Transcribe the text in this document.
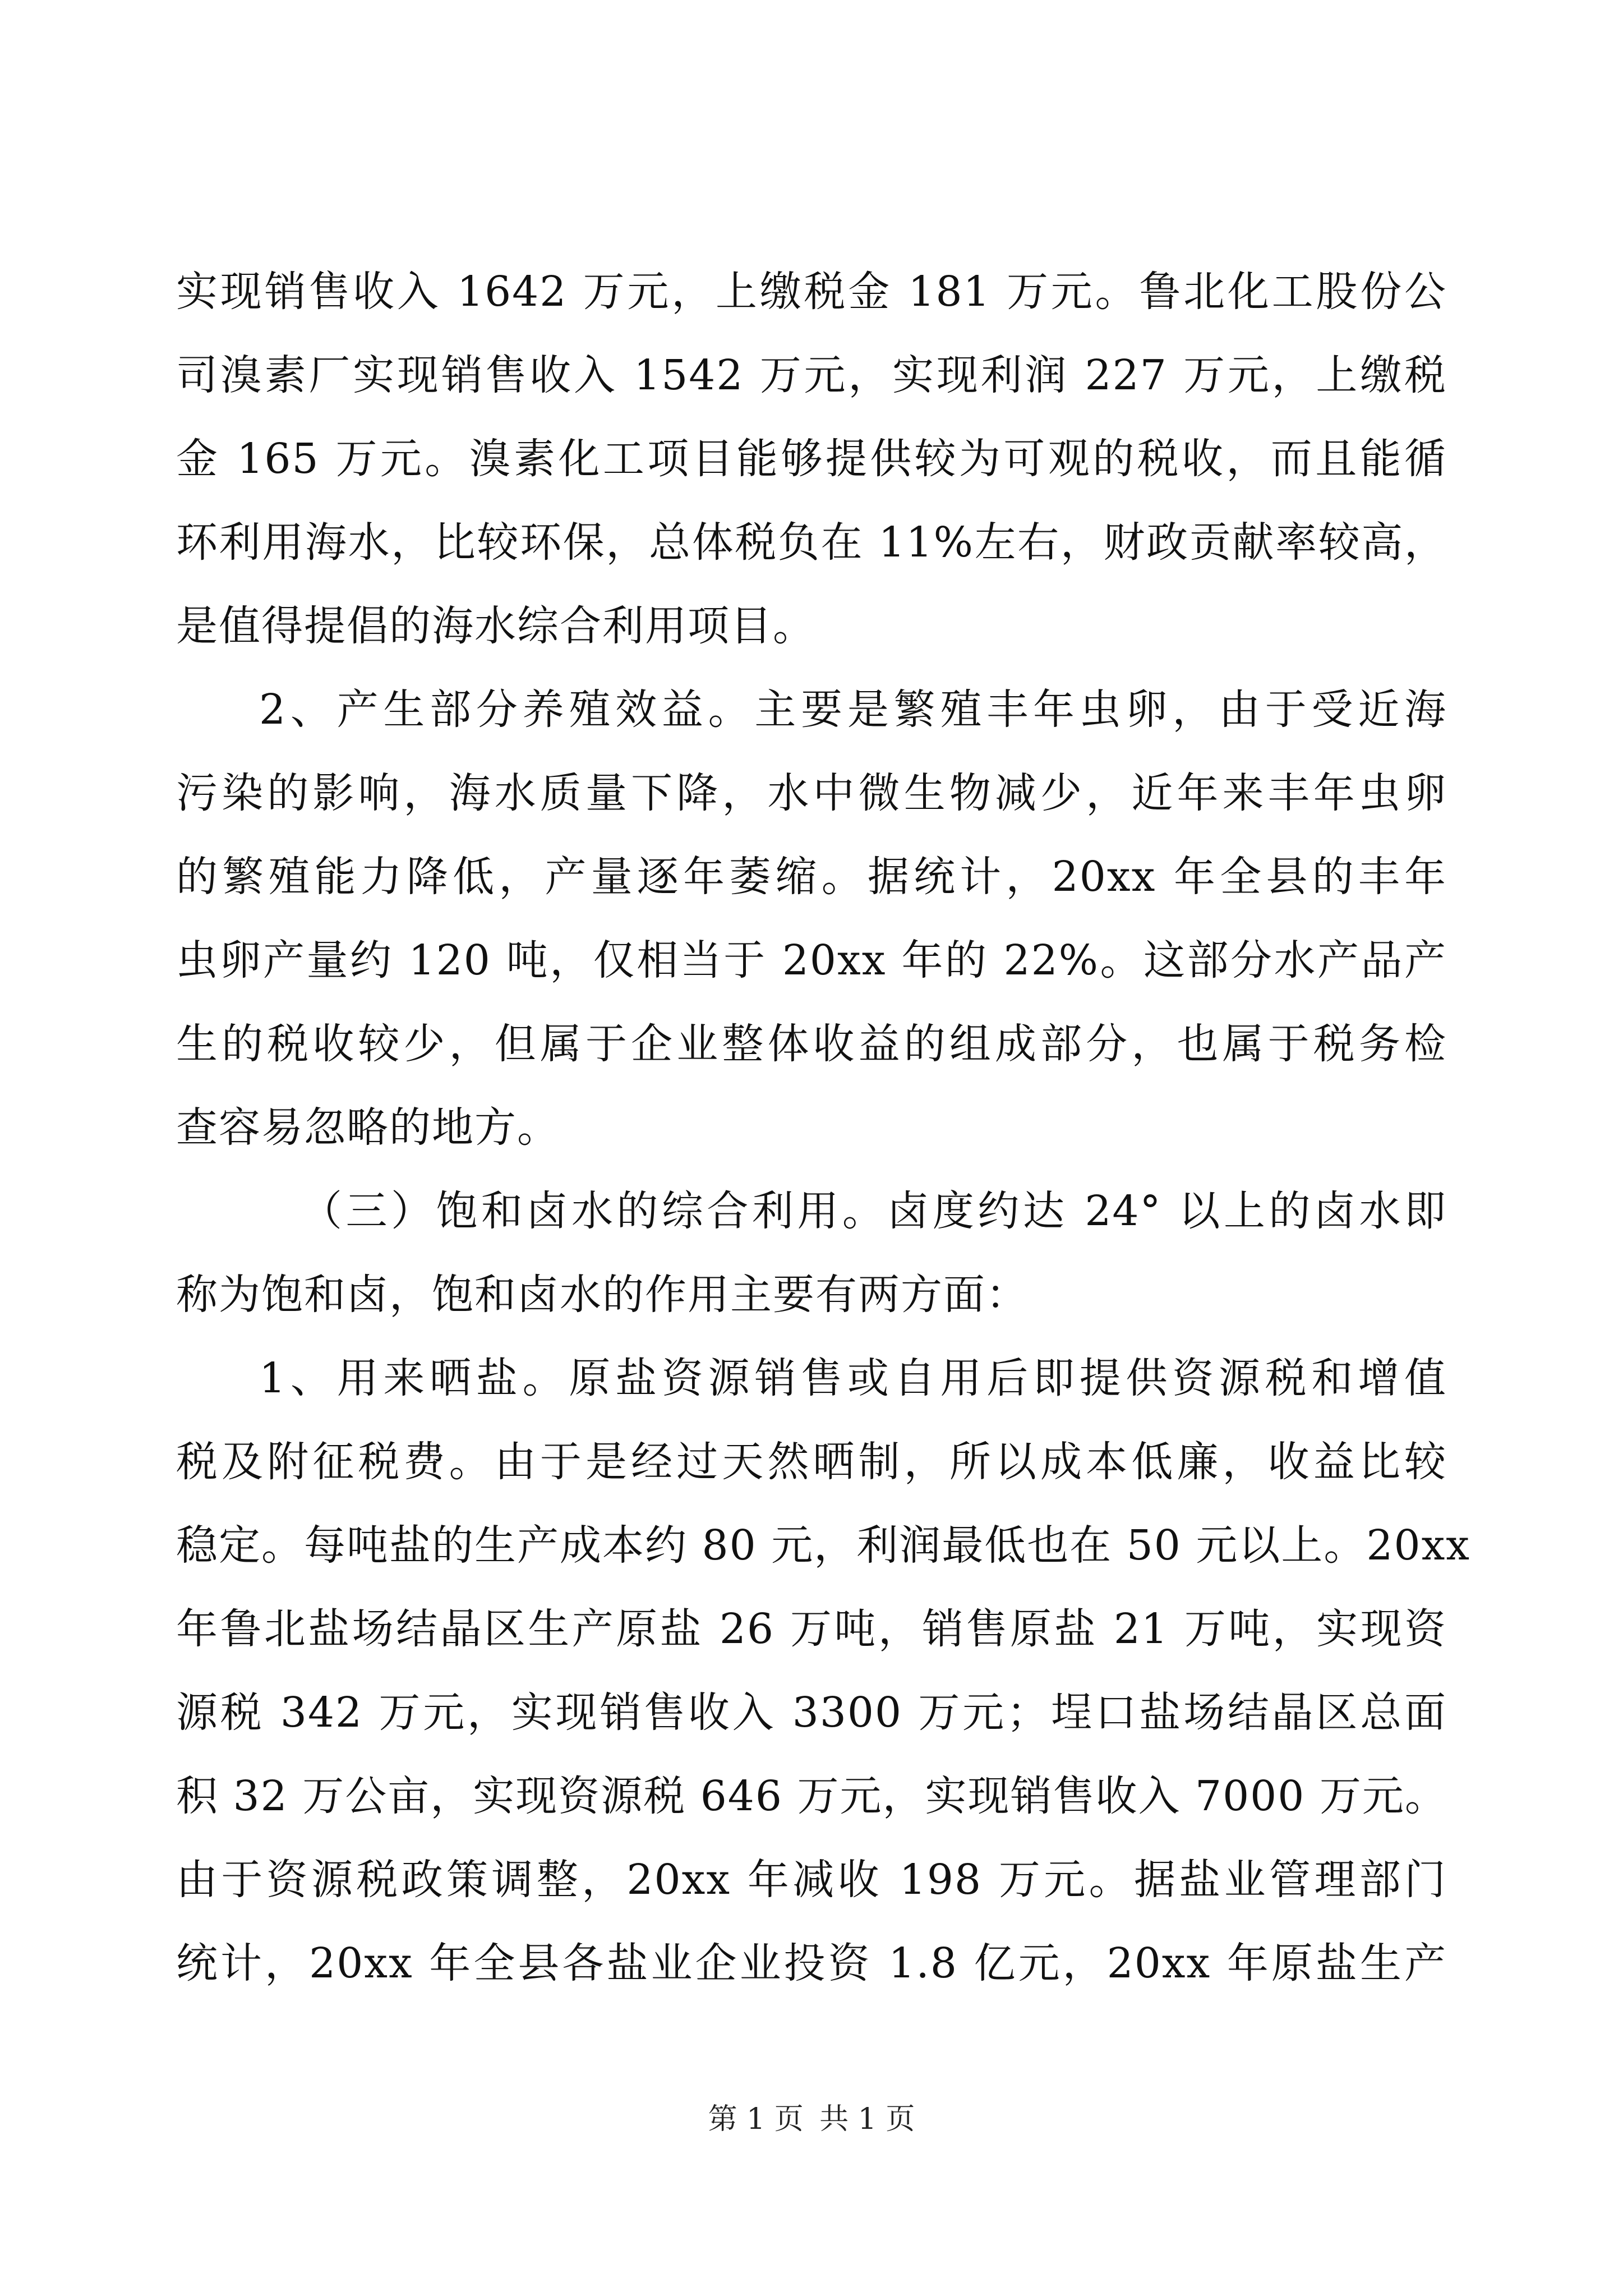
实现销售收入 1642 万元，上缴税金 181 万元。鲁北化工股份公
司溴素厂实现销售收入 1542 万元，实现利润 227 万元，上缴税
金 165 万元。溴素化工项目能够提供较为可观的税收，而且能循
环利用海水，比较环保，总体税负在 11%左右，财政贡献率较高，
是值得提倡的海水综合利用项目。
2、产生部分养殖效益。主要是繁殖丰年虫卵，由于受近海
污染的影响，海水质量下降，水中微生物减少，近年来丰年虫卵
的繁殖能力降低，产量逐年萎缩。据统计，20xx 年全县的丰年
虫卵产量约 120 吨，仅相当于 20xx 年的 22%。这部分水产品产
生的税收较少，但属于企业整体收益的组成部分，也属于税务检
查容易忽略的地方。
（三）饱和卤水的综合利用。卤度约达 24° 以上的卤水即
称为饱和卤，饱和卤水的作用主要有两方面：
1、用来晒盐。原盐资源销售或自用后即提供资源税和增值
税及附征税费。由于是经过天然晒制，所以成本低廉，收益比较
稳定。每吨盐的生产成本约 80 元，利润最低也在 50 元以上。20xx
年鲁北盐场结晶区生产原盐 26 万吨，销售原盐 21 万吨，实现资
源税 342 万元，实现销售收入 3300 万元；埕口盐场结晶区总面
积 32 万公亩，实现资源税 646 万元，实现销售收入 7000 万元。
由于资源税政策调整，20xx 年减收 198 万元。据盐业管理部门
统计，20xx 年全县各盐业企业投资 1.8 亿元，20xx 年原盐生产
第 1 页 共 1 页
